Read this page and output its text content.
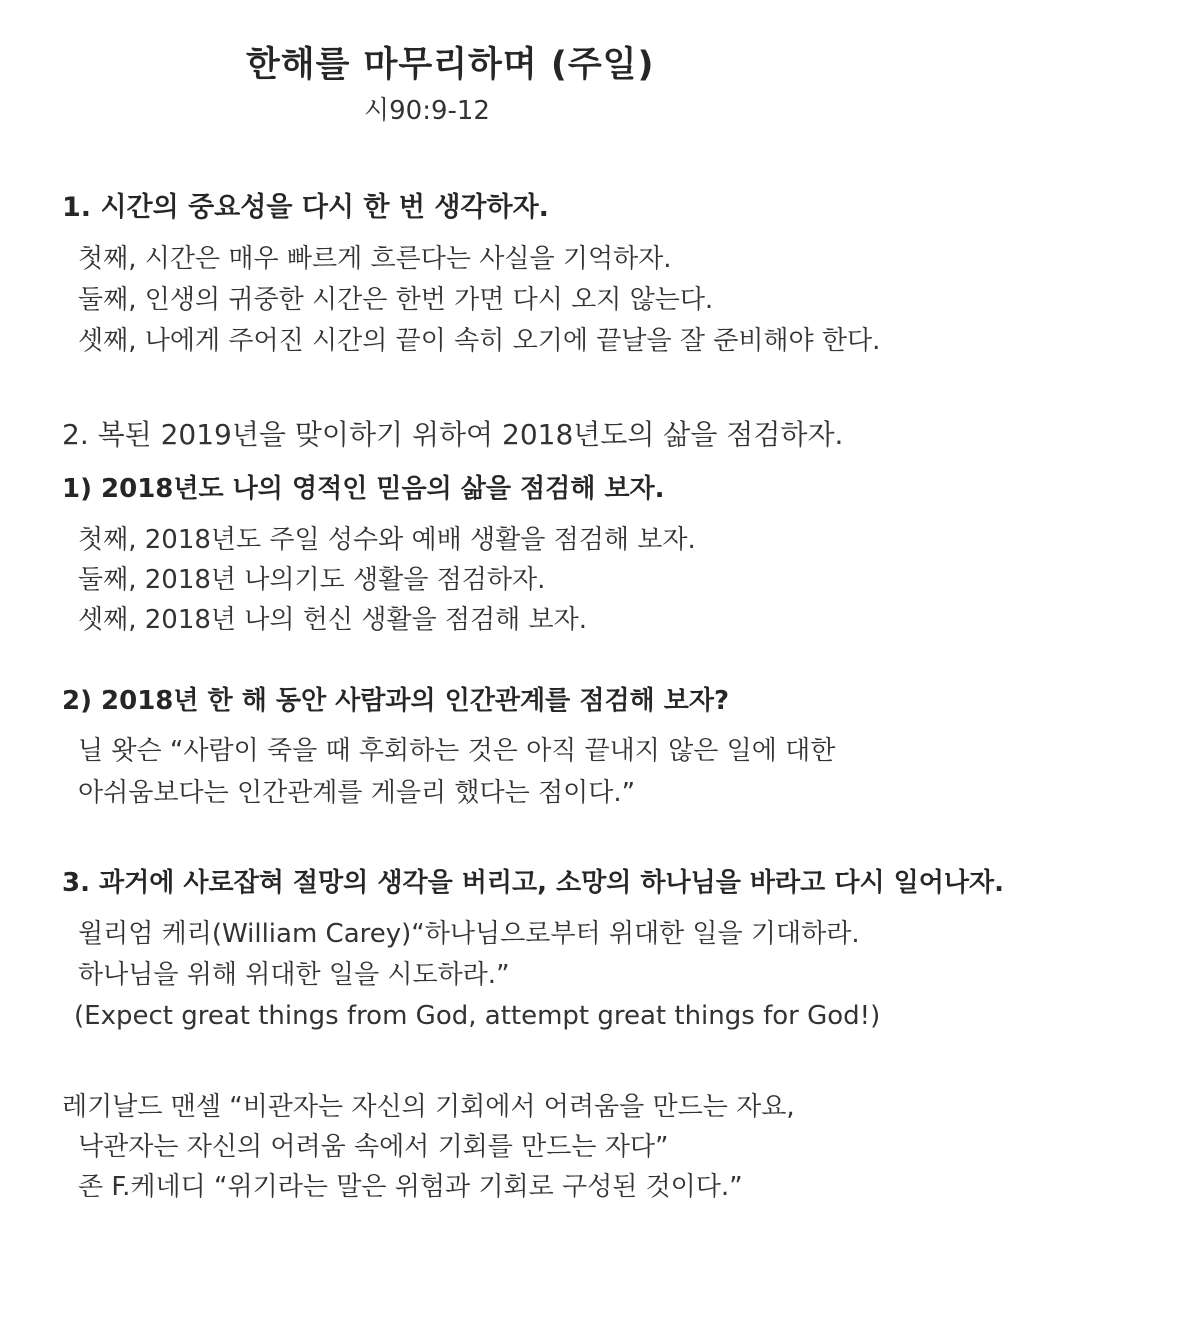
한해를 마무리하며 (주일)
시90:9-12
1. 시간의 중요성을 다시 한 번 생각하자.
첫째, 시간은 매우 빠르게 흐른다는 사실을 기억하자.
둘째, 인생의 귀중한 시간은 한번 가면 다시 오지 않는다.
셋째, 나에게 주어진 시간의 끝이 속히 오기에 끝날을 잘 준비해야 한다.
2. 복된 2019년을 맞이하기 위하여 2018년도의 삶을 점검하자.
1) 2018년도 나의 영적인 믿음의 삶을 점검해 보자.
첫째, 2018년도 주일 성수와 예배 생활을 점검해 보자.
둘째, 2018년 나의기도 생활을 점검하자.
셋째, 2018년 나의 헌신 생활을 점검해 보자.
2) 2018년 한 해 동안 사람과의 인간관계를 점검해 보자?
닐 왓슨 “사람이 죽을 때 후회하는 것은 아직 끝내지 않은 일에 대한
아쉬움보다는 인간관계를 게을리 했다는 점이다.”
3. 과거에 사로잡혀 절망의 생각을 버리고, 소망의 하나님을 바라고 다시 일어나자.
윌리엄 케리(William Carey)“하나님으로부터 위대한 일을 기대하라.
하나님을 위해 위대한 일을 시도하라.”
(Expect great things from God, attempt great things for God!)
레기날드 맨셀 “비관자는 자신의 기회에서 어려움을 만드는 자요,
낙관자는 자신의 어려움 속에서 기회를 만드는 자다”
존 F.케네디 “위기라는 말은 위험과 기회로 구성된 것이다.”
